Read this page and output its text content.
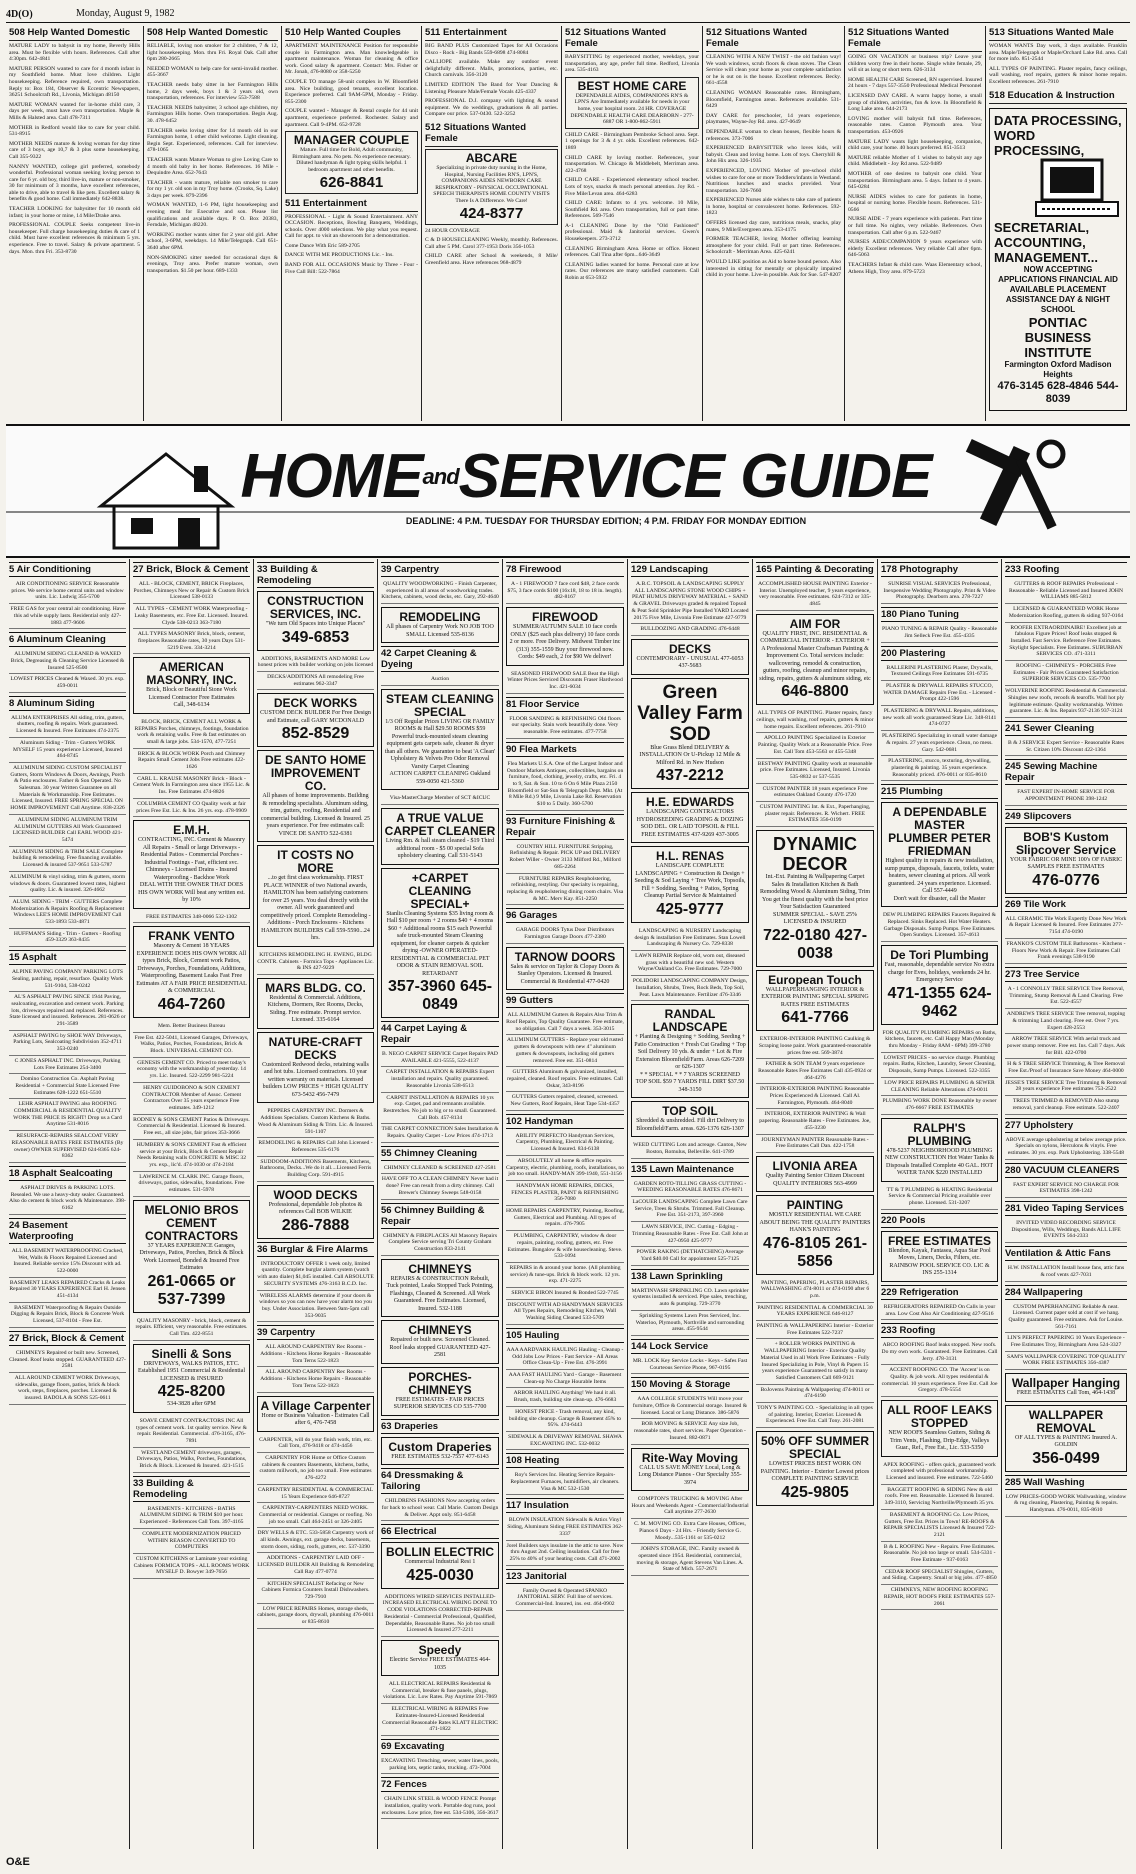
4D(O)	Monday, August 9, 1982
508 Help Wanted Domestic

MATURE LADY to babysit in my home, Beverly Hills area. Must be flexible with hours. References. Call after 4:30pm. 642-4841

MATURE PERSON wanted to care for 4 month infant in my Southfield home. Must love children. Light housekeeping. Reference required, own transportation. Reply to: Box 184, Observer & Eccentric Newspapers, 36251 Schoolcraft Rd., Livonia, Michigan 48150

MATURE WOMAN wanted for in-home child care, 3 days per week, must have own transportation. Maple & Mills & Halsted area. Call 478-7311

MOTHER in Redford would like to care for your child. 531-8915

MOTHER NEEDS mature & loving woman for day time care of 3 boys, age 10,7 & 3 plus some housekeeping. Call 355-9322

NANNY WANTED, college girl preferred, somebody wonderful. Professional woman seeking loving person to care for 6 yr. old boy, third live-in, mature or non-smoker, 30 for minimum of 3 months, have excellent references, able to drive, able to travel & like pets. Excellent salary & benefits & good home. Call immediately 642-8838.

TEACHER LOOKING for babysitter for 10 month old infant; in your home or mine, 14 Mile/Drake area.

PROFESSIONAL COUPLE Seeks competent live-in housekeeper. Full charge housekeeping duties & care of 1 child. Must have excellent references & minimum 5 yrs. experience. Free to travel. Salary & private apartment. 5 days. Mon. thru Fri. 353-8730

508 Help Wanted Domestic

RELIABLE, loving non smoker for 2 children, 7 & 12, light housekeeping. Mon. thru Fri. Royal Oak. Call after 6pm 280-2665

NEEDED WOMAN to help care for semi-invalid mother. 455-3667

TEACHER needs baby sitter in her Farmington Hills home, 2 days week, boys 1 & 3 years old, own transportation, references. For interview 553-7588

TEACHER NEEDS babysitter, 3 school age children, my Farmington Hills home. Own transportation. Begin Aug. 30. 478-6452

TEACHER seeks loving sitter for 14 month old in our Farmington home, 1 other child welcome. Light cleaning. Begin Sept. Experienced, references. Call for interview. 478-1065

TEACHER wants Mature Woman to give Loving Care to 4 month old baby in her home. References. 16 Mile - Dequindre Area. 652-7643

TEACHER - wants mature, reliable non smoker to care for my 1 yr. old son in my Troy home. (Crooks, Sq. Lake) 3 days per week. 879-2396

WOMAN WANTED, 1-6 PM, light housekeeping and evening meal for Executive and son. Please list qualifications and available days. P. O. Box 20383, Ferndale, Michigan 48220.

WORKING mother wants sitter for 2 year old girl. After school, 3-6PM, weekdays. 14 Mile/Telegraph. Call 651-3640 after 6PM.

NON-SMOKING sitter needed for occasional days & evenings, Troy area. Prefer mature woman, own transportation. $1.50 per hour. 689-1333

510 Help Wanted Couples

APARTMENT MAINTENANCE Position for responsible couple in Farmington area. Man knowledgeable in apartment maintenance. Woman for cleaning & office work. Good salary & apartment. Contact: Mrs. Fisher or Mr. Jonah, 476-8080 or 358-5250

COUPLE TO manage 58-unit complex in W. Bloomfield area. Nice building, good tenants, excellent location. Experience preferred. Call 9AM-5PM, Monday - Friday. 855-2300

COUPLE wanted - Manager & Rental couple for 44 unit apartment, experience preferred. Rochester. Salary and apartment. Call 9-4PM. 652-9728

MANAGER COUPLE
Mature. Full time for Bold, Adult community, Birmingham area. No pets. No experience necessary. Diluted handyman & light typing skills helpful. 1 bedroom apartment and other benefits.
626-8841
511 Entertainment

PROFESSIONAL - Light & Sound Entertainment. ANY OCCASION. Receptions, Bowling Banquets, Weddings, schools. Over 4000 selections. We play what you request. Call for appt. to visit an showroom for a demonstration.

Come Dance With Eric 589-2705

DANCE WITH ME PRODUCTIONS Lic. - Ins.

BAND FOR ALL OCCASIONS Music by Three - Four - Five Call Bill: 522-7864

511 Entertainment

BIG BAND PLUS Customized Tapes for All Occasions Disco - Rock - Big Bands 559-6898 474-8084

CALLIOPE available. Make any outdoor event delightfully different. Malls, promotions, parties, etc. Church carnivals. 356-3120

LIMITED EDITION The Band for Your Dancing & Listening Pleasure Male/Female Vocals 425-4337

PROFESSIONAL D.J. company with lighting & sound equipment. We do weddings, graduations & all parties. Compare our price. 537-0430. 522-3252

512 Situations Wanted Female
ABCARE
Specializing in private duty nursing in the Home, Hospital, Nursing Facilities RN'S, LPN'S, COMPANIONS AIDES NEWBORN CARE RESPIRATORY - PHYSICAL OCCUPATIONAL SPEECH THERAPISTS HOME COUNTY VISITS There Is A Difference. We Care!
424-8377

24 HOUR COVERAGE

C & D HOUSECLEANING Weekly, monthly. References. Call after 5 PM. Carol 377-1953 Doris 356-1053

CHILD CARE after School & weekends, 8 Mile/ Greenfield area. Have references 968-4879

512 Situations Wanted Female

BABYSITTING by experienced mother, weekdays, your transportation, any age, prefer full time. Redford, Livonia area. 535-4163

BEST HOME CARE
DEPENDABLE AIDES, COMPANIONS RN'S & LPN'S Are Immediately available for needs in your home, your hospital room. 24 HR. COVERAGE DEPENDABLE HEALTH CARE DEARBORN - 277-6887 OR 1-800-862-5911

CHILD CARE - Birmingham Pembroke School area. Sept. 1 openings for 3 & 4 yr. olds. Excellent references. 642-1869

CHILD CARE by loving mother. References, your transportation. W. Chicago & Middlebelt, Merriman area. 422-4768

CHILD CARE - Experienced elementary school teacher. Lots of toys, snacks & much personal attention. Joy Rd. - Five Mile/Levan area. 464-6283

CHILD CARE: Infants to 4 yrs. welcome. 10 Mile, Southfield Rd. area. Own transportation, full or part time. References. 569-7546

A-1 CLEANING Done by the "Old Fashioned" professional. Maid & Janitorial services. Gwen's Housekeepers. 273-3712

CLEANING Birmingham Area. Home or office. Honest references. Call Tina after 6pm...646-3649

CLEANING ladies wanted for home. Personal care at low rates. Our references are many satisfied customers. Call Robin at 653-5932

512 Situations Wanted Female

CLEANING WITH A NEW TWIST - the old fashion way! We wash windows, scrub floors & clean stoves. The Clean Service will clean your home as your complete satisfaction or he is out on is the house. Excellent references. Becky. 661-4558

CLEANING WOMAN Reasonable rates. Birmingham, Bloomfield, Farmington areas. References available. 531-6429

DAY CARE for preschooler, 14 years experience, playmates, Wayne-Joy Rd. area. 427-0649

DEPENDABLE woman to clean houses, flexible hours & references. 373-7006

EXPERIENCED BABYSITTER who loves kids, will babysit. Clean and loving home. Lots of toys. Cherryhill & John Hix area. 326-1935

EXPERIENCED, LOVING Mother of pre-school child wishes to care for one or more Toddlers/infants in Westland. Nutritious lunches and snacks provided. Your transportation. 326-7660

EXPERIENCED Nurses aide wishes to take care of patients in home, hospital or convalescent home. References. 592-1823

OFFERS licensed day care, nutritious meals, snacks, play mates, 9 Mile/Evergreen area. 353-4175

FORMER TEACHER, loving Mother offering learning atmosphere for your child. Full or part time. References. Schoolcraft - Merriman Area. 425-6241

WOULD LIKE position as Aid to home bound person. Also interested in sitting for mentally or physically impaired child in your home. Live-in possible. Ask for Sue. 547-8207

512 Situations Wanted Female

GOING ON VACATION or business trip? Leave your children worry free in their home. Single white female, 29, will sit as long or short term. 626-3134

HOME HEALTH CARE Screened, RN supervised. Insured 24 hours - 7 days 557-3550 Professional Medical Personnel

LICENSED DAY CARE. A warm happy home, a small group of children, activities, fun & love. In Bloomfield & Long Lake area. 644-2173

LOVING mother will babysit full time. References, reasonable rates. Canton Plymouth area. Your transportation. 453-0926

MATURE LADY wants light housekeeping, companion, child care, your home. 40 hours preferred. 851-3513

MATURE reliable Mother of 1 wishes to babysit any age child. Middlebelt - Joy Rd area. 522-9489

MOTHER of one desires to babysit one child. Your transportation. Birmingham area. 5 days. Infant to 4 years. 645-0284

NURSE AIDES wishes to care for patients in home, hospital or nursing home. Flexible hours. References. 531-0566

NURSE AIDE - 7 years experience with patients. Part time or full time. No nights, very reliable. References. Own transportation. Call after 6 p.m. 522-9467

NURSES AIDE/COMPANION 9 years experience with elderly Excellent references. Very reliable Call after 6pm. 646-5063

TEACHERS Infant & child care. Waas Elementary school, Athens High, Troy area. 879-5723

513 Situations Wanted Male

WOMAN WANTS Day work, 3 days available. Franklin area. Maple/Telegraph or Maple/Orchard Lake Rd. area. Call for more info. 851-2544

ALL TYPES OF PAINTING. Plaster repairs, fancy ceilings, wall washing, roof repairs, gutters & minor home repairs. Excellent references. 261-7910

518 Education & Instruction
DATA PROCESSING, WORD PROCESSING,
SECRETARIAL, ACCOUNTING, MANAGEMENT...
NOW ACCEPTING APPLICATIONS FINANCIAL AID AVAILABLE PLACEMENT ASSISTANCE DAY & NIGHT SCHOOL
PONTIAC BUSINESS INSTITUTE
Farmington Oxford Madison Heights
476-3145 628-4846 544-8039
$HOME^{and}SERVICE$ GUIDE
DEADLINE: 4 P.M. TUESDAY FOR THURSDAY EDITION; 4 P.M. FRIDAY FOR MONDAY EDITION
5 Air Conditioning

AIR CONDITIONING SERVICE Reasonable prices. We service home central units and window units. Lic. Ludwig 355-5700

FREE GAS for your central air conditioning. Have this ad while supply lasts. Residential only 427-1883 477-9606

6 Aluminum Cleaning

ALUMINUM SIDING CLEANED & WAXED Brick, Degreasing & Cleaning Service Licensed & Insured 525-8500

LOWEST PRICES Cleaned & Waxed. 30 yrs. exp. 459-0011

8 Aluminum Siding

ALUMA ENTERPRISES All siding, trim, gutters, shutters, roofing & repairs. Work guaranteed. Licensed & Insured. Free Estimates 474-2375

Aluminum Siding - Trim - Gutters WORK MYSELF 15 years experience Licensed, Insured 464-8745

ALUMINUM SIDING CUSTOM SPECIALIST Gutters, Storm Windows & Doors, Awnings, Porch & Patio enclosures. Father & Son Operated. No Salesman. 30 year Written Guarantee on all Materials & Workmanship. Free Estimates. Licensed, Insured. FREE SPRING SPECIAL ON HOME IMPROVEMENT Call Anytime. 838-2326

ALUMINUM SIDING ALUMINUM TRIM ALUMINUM GUTTERS All Work Guaranteed LICENSED BUILDER Call EARL WOOD 421-5474

ALUMINUM SIDING & TRIM SALE Complete building & remodeling. Free financing available. Licensed & insured 537-9651 533-5787

ALUMINUM & vinyl siding, trim & gutters, storm windows & doors. Guaranteed lowest rates, highest quality. Lic. & insured. 326-4662

ALUM. SIDING - TRIM - GUTTERS Complete Modernization & Repairs Roofing & Replacement Windows LEE'S HOME IMPROVEMENT Call 533-1893 533-4871

HUFFMAN'S Siding - Trim - Gutters - Roofing 459-3329 363-8435

15 Asphalt

ALPINE PAVING COMPANY PARKING LOTS Sealing, patching, repair, resurface. Quality Work 531-9104, 538-0242

AL'S ASPHALT PAVING SINCE 1944 Paving, sealcoating, excavation and cement work. Parking lots, driveways repaired and replaced. References. State licensed and insured. References. 281-0626 or 291-3589

ASPHALT PAVING by SHOE WAY Driveways, Parking Lots, Sealcoating Subdivision 352-4711 353-0240

C JONES ASPHALT INC. Driveways, Parking Lots Free Estimates 254-3400

Domino Construction Co. Asphalt Paving Residential + Commercial State Licensed Free Estimates 628-1222 651-5510

LEHR ASPHALT PAVING also ROOFING COMMERCIAL & RESIDENTIAL QUALITY WORK THE PRICE IS RIGHT! Drop us a Card Anytime 531-8016

RESURFACE-REPAIRS SEALCOAT VERY REASONABLE RATES FREE ESTIMATES (By owner) OWNER SUPERVISED 624-8365 624-8362

18 Asphalt Sealcoating

ASPHALT DRIVES & PARKING LOTS. Resealed. We use a heavy-duty sealer. Guaranteed. Also do cement & block work & Maintenance. 398-6162

24 Basement Waterproofing

ALL BASEMENT WATERPROOFING Cracked, Wet, Walls & Floors Repaired Licensed and Insured. Reliable service 15% Discount with ad. 522-0000

BASEMENT LEAKS REPAIRED Cracks & Leaks Repaired 30 YEARS EXPERIENCE Earl H. Jensen 451-4134

BASEMENT Waterproofing & Repairs Outside Digging & Repairs Brick, Block & Concrete Work Licensed, 537-8104 - Free Est.

27 Brick, Block & Cement

CHIMNEYS Repaired or built new. Screened, Cleaned. Roof leaks stopped. GUARANTEED 427-2581

ALL AROUND CEMENT WORK Driveways, sidewalks, garage floors, patios, brick & block work, steps, fireplaces, porches. Licensed & insured. BADOLA & SONS 525-0611

27 Brick, Block & Cement

ALL - BLOCK, CEMENT, BRICK Fireplaces, Porches, Chimneys New or Repair & Custom Brick Licensed 538-0133

ALL TYPES - CEMENT WORK Waterproofing - Leaky Basements, etc. Free Est. Licensed. Insured. Clyde 538-0213 363-7180

ALL TYPES MASONRY Brick, block, cement, fireplaces Reasonable rates, 30 years Days 531-5219 Even. 334-3214

AMERICAN MASONRY, INC.
Brick, Block or Beautiful Stone Work Licensed Contractor Free Estimates
Call, 348-6134

BLOCK, BRICK, CEMENT ALL WORK & REPAIRS Porches, chimneys, footings, foundation work & retaining walls. Free & fast estimates on small & large jobs. 534-1570, 477-7251

BRICK & BLOCK WORK Porch and Chimney Repairs Small Cement Jobs Free estimates 422-1626

CARL L. KRAUSE MASONRY Brick - Block - Cement Work In Farmington area since 1955 Lic. & Ins. Free Estimates 474-8826

COLUMBIA CEMENT CO Quality work at fair prices Free Est. Lic. & Ins. 26 yrs. exp. 478-9909

E.M.H.
CONTRACTING, INC. Cement & Masonry All Repairs - Small or large Driveways - Residential Patios - Commercial Porches - Industrial Footings - Fast, efficient svc. Chimneys - Licensed Drains - Insured Waterproofing - Backhoe Work
DEAL WITH THE OWNER THAT DOES HIS OWN WORK Will beat any written est. by 10%

FREE ESTIMATES 348-0066 532-1302

FRANK VENTO
Masonry & Cement 18 YEARS EXPERIENCE DOES HIS OWN WORK All types Brick, Block, Cement work Patios, Driveways, Porches, Foundations, Additions, Waterproofing, Basement Leaks Fast Free Estimates AT A FAIR PRICE RESIDENTIAL & COMMERCIAL
464-7260

Mem. Better Business Bureau

Free Est. 422-5041, Licensed Garages, Driveways, Walks, Patios, Porches, Foundations, Brick & Block. UNIVERSAL CEMENT CO.

GENESIS CEMENT CO. Priced to meet today's economy with the workmanship of yesterday. 14 yrs. Lic. Insured. 522-2299 981-5224

HENRY GUIDOBONO & SON CEMENT CONTRACTOR Member of Assoc. Cement Contractors Over 35 years experience Free estimates. 349-1212

RODNEY & SONS CEMENT Patios & Driveways. Commercial & Residential. Licensed & Insured. Free est., all size jobs, fair prices 353-3666

HUMBERY & SONS CEMENT Fast & efficient service at your Brick, Block & Cement Repair Needs Retaining walls CONCRETE & MISC 32 yrs. exp., lic'd. 474-1030 or 474-2184

LAWRENCE M. CLARK INC. Garage floors, driveways, patios, sidewalks, foundations. Free estimates. 531-5978

MELONIO BROS CEMENT CONTRACTORS
37 YEARS EXPERIENCE Garages, Driveways, Patios, Porches, Brick & Block Work Licensed, Bonded & Insured Free Estimates
261-0665 or 537-7399

QUALITY MASONRY - brick, block, cement & repairs. Efficient, very reasonable. Free estimates. Call Tim. 422-8551

Sinelli & Sons
DRIVEWAYS, WALKS PATIOS, ETC. Established 1951 Commercial & Residential LICENSED & INSURED
425-8200
534-3828 after 6PM

SOAVE CEMENT CONTRACTORS INC All types of cement work. 1st quality service. New & repair. Residential. Commercial. 476-3165, 476-7891

WESTLAND CEMENT driveways, garages, Driveways, Patios, Walks, Porches, Foundations, Brick & Block. Licensed & Insured. 421-1515

33 Building & Remodeling

BASEMENTS - KITCHENS - BATHS ALUMINUM SIDING & TRIM $10 per hour. Experienced - References Call Tom. 397-4165

COMPLETE MODERNIZATION PRICED WITHIN REASON CONVERTED TO COMPUTERS

CUSTOM KITCHENS or Laminate your existing Cabinets FORMICA TOPS - ALL ROOMS WORK MYSELF D. Bowyer 349-7656

33 Building & Remodeling
CONSTRUCTION SERVICES, INC.
"We turn Old Spaces into Unique Places"
349-6853

ADDITIONS, BASEMENTS AND MORE Low honest prices with builder working on jobs licensed

DECKS/ADDITIONS All remodeling Free estimates 962-3347

DECK WORKS
CUSTOM DECK BUILDER For Free Design and Estimate, call GARY MCDONALD
852-8529
DE SANTO HOME IMPROVEMENT CO.
All phases of home improvements. Building & remodeling specialists. Aluminum siding, trim, gutters, roofing, Residential and commercial building. Licensed & Insured. 25 years experience. For free estimates call: VINCE DE SANTO 522-6381
IT COSTS NO MORE
...to get first class workmanship. FIRST PLACE WINNER of two National awards, HAMILTON has been satisfying customers for over 25 years. You deal directly with the owner. All work guaranteed and competitively priced. Complete Remodeling - Additions - Porch Enclosures - Kitchens HAMILTON BUILDERS Call 559-5590...24 hrs.

KITCHENS REMODELING H. EWENG, BLDG CONTR. Cabinets - Formica Tops - Appliances Lic. & INS 427-9229

MARS BLDG. CO.
Residential & Commercial. Additions, Kitchens, Dormers, Rec Rooms, Decks, Siding. Free estimate. Prompt service. Licensed. 335-6164
NATURE-CRAFT DECKS
Customized Redwood decks, retaining walls and hot tubs. Licensed contractors. 10 year written warranty on materials. Licensed builders LOW PRICES + HIGH QUALITY 673-5432 456-7479

PEPPERS CARPENTRY INC. Dormers & Additions Specialists. Custom Kitchens & Baths. Wood & Aluminum Siding & Trim. Lic. & Insured. 591-1107

REMODELING & REPAIRS Call John Licensed - References 535-6176

SUDDOOM-ADDITIONS Basements, Kitchens, Bathrooms, Decks...We do it all....Licensed Ferris Building Corp. 591-4915

WOOD DECKS
Professional, dependable Job photos & references Call BOB WILKIE
286-7888
36 Burglar & Fire Alarms

INTRODUCTORY OFFER 1 week only, limited quantity. Complete burglar alarm system (watch with auto dialer) $1,045 installed. Call ABSOLUTE SECURITY SYSTEMS 476-3163 B.C.D. Inc.

WIRELESS ALARMS determine if your doors & windows so you can now have your alarm too you buy. Under Association. Between 9am-5pm call 353-9035

39 Carpentry

ALL AROUND CARPENTRY Rec Rooms - Additions - Kitchens Home Repairs - Reasonable Tom Terns 522-1823

ALL AROUND CARPENTRY Rec Rooms - Additions - Kitchens Home Repairs - Reasonable Tom Terns 522-1823

A Village Carpenter
Home or Business Valuation - Estimates Call after 6, 476-7458

CARPENTER, will do your finish work, trim, etc. Call Tom, 476-9418 or 474-4456

CARPENTRY FOR Home or Office Custom cabinets & counters Basements, kitchens, baths, custom millwork, no job too small. Free estimates 476-4272

CARPENTRY RESIDENTIAL & COMMERCIAL 15 Years Experience 646-8727

CARPENTRY-CARPENTERS NEED WORK. Commercial or residential. Garages or roofing. No job too small. Call 464-2451 or 326-2405

DRY WELLS & ETC. 533-5858 Carpentry work of all kinds. Awnings, ext. garage decks, basements, storm doors, siding, roofs, gutters, etc. 537-3390

ADDITIONS - CARPENTRY LAID OFF - LICENSED BUILDER All Building & Remodeling Call Ray 477-0774

KITCHEN SPECIALIST Refacing or New Cabinets Formica Counters Install Dishwashers. 729-7910

LOW PRICE REPAIRS Homes, storage sheds, cabinets, garage doors, drywall, plumbing 476-0011 or 835-8610

39 Carpentry

QUALITY WOODWORKING - Finish Carpenter, experienced in all areas of woodworking trades. Kitchens, cabinets, wood decks, etc. Gary, 292-4640

REMODELING
All phases of Carpentry Work NO JOB TOO SMALL Licensed 535-8136
42 Carpet Cleaning & Dyeing

Auction

STEAM CLEANING SPECIAL
1/3 Off Regular Prices LIVING OR FAMILY ROOMS & Hall $29.50 ROOMS $59 Powerful truck-mounted steam cleaning equipment gets carpets safe, cleaner & dryer than all others. We guarantee to beat 'A Clean' Upholstery & Velvets Pro Odor Removal Varsity Carpet Cleaning
ACTION CARPET CLEANING Oakland 559-0050 421-5360

Visa-MasterCharge Member of SCT &ICUC

A TRUE VALUE CARPET CLEANER
Living Rm. & hall steam cleaned - $19 Third additional room - $5 00 special Sofa upholstery cleaning. Call 531-5143
+CARPET CLEANING SPECIAL+
Stanlis Cleaning Systems $35 living room & Hall $10 per room + 2 rooms $40 + 4 rooms $60 + Additional rooms $15 each Powerful safe truck-mounted Steam Cleaning equipment, for cleaner carpets & quicker drying -OWNER OPERATED- RESIDENTIAL & COMMERCIAL PET ODOR & STAIN REMOVAL SOIL RETARDANT
357-3960 645-0849
44 Carpet Laying & Repair

B. NEGO CARPET SERVICE Carpet Repairs PAD AVAILABLE 421-5555, 522-4137

CARPET INSTALLATION & REPAIRS Expert installation and repairs. Quality guaranteed. Reasonable Livonia 538-6513

CARPET INSTALLATION & REPAIRS 10 yrs exp. Carpet, pad and remnants available. Restretches. No job to big or to small. Guaranteed. Call Bob. 457-8134

THE CARPET CONNECTION Sales Installation & Repairs. Quality Carpet - Low Prices 474-1713

55 Chimney Cleaning

CHIMNEY CLEANED & SCREENED 427-2581

HAVE OFF TO A CLEAN CHIMNEY Never had it done? Free can result from a dirty chimney. Call Brewer's Chimney Sweeps 548-0158

56 Chimney Building & Repair

CHIMNEY & FIREPLACES All Masonry Repairs Complete Service serving Tri County Graham Construction 833-2141

CHIMNEYS
REPAIRS & CONSTRUCTION Rebuilt, Tuck pointed, Leaks Stopped Tuck Pointing, Flashings, Cleaned & Screened. All Work Guaranteed. Free Estimates. Licensed, Insured. 532-1188
CHIMNEYS
Repaired or built new. Screened Cleaned. Roof leaks stopped GUARANTEED 427-2581
PORCHES-CHIMNEYS
FREE ESTIMATES - FAIR PRICES SUPERIOR SERVICES CO 535-7700
63 Draperies
Custom Draperies
FREE ESTIMATES 532-7557 477-6143
64 Dressmaking & Tailoring

CHILDRENS FASHIONS Now accepting orders for back to school wear. Call Marie. Custom Design & Deliver. Appt only. 851-6458

66 Electrical
BOLLIN ELECTRIC
Commercial Industrial Resi 1
425-0030

ADDITIONS WIRED SERVICES INSTALLED-INCREASED ELECTRICAL WIRING DONE TO CODE VIOLATIONS CORRECTED-REPAIR Residential - Commercial Professional, Qualified, Dependable, Reasonable Rates. No job too small Licensed & Insured 277-2211

Speedy
Electric Service FREE ESTIMATES 464-1035

ALL ELECTRICAL REPAIRS Residential & Commercial, breaker & fuse panels, plugs, violations. Lic. Low Rates. Pay Anytime 591-7869

ELECTRICAL WIRING & REPAIRS Free Estimates-Insured-Licensed Residential Commercial Reasonable Rates KLATT ELECTRIC 471-1822

69 Excavating

EXCAVATING Trenching, sewer, water lines, pools, parking lots, septic tanks, trucking. 473-7004

72 Fences

CHAIN LINK STEEL & WOOD FENCE Prompt installation, quality work. Portable dog runs, pool enclosures. Low price, free est. 534-5106, 356-3617

78 Firewood

A - 1 FIREWOOD 7 face cord $48, 2 face cords $75, 3 face cords $100 (16x18, 18 to 18 in. length). 482-8167

FIREWOOD
SUMMER/AUTUMN SALE 10 face cords ONLY ($25 each plus delivery) 10 face cords 2 or more. Free Delivery. Midwest Timber inc (313) 355-1559 Buy your firewood now. Cords: $49 each, 2 for $90 We deliver!

SEASONED FIREWOOD SALE Beat the High Winter Prices Serviced Discounts Fraser Hardwood Inc. 421-6034

81 Floor Service

FLOOR SANDING & REFINISHING Old floors our specialty. Stain work beautifully done. Very reasonable. Free estimates. 477-7758

90 Flea Markets

Flea Markets U.S.A. One of the Largest Indoor and Outdoor Markets Antiques, collectibles, bargains on furniture, food, clothing, jewelry, crafts, etc. Fri. 4 to 9, Sat. & Sun. 10 to 6 On 6 Mile Plaza 2150 Bloomfield or Sat-Sun & Telegraph Dept. Mkt. (At 8 Mile Rd.) 9 Mile, Livonia Lake Rd. Reservation $10 to 5 Daily. 360-5700

93 Furniture Finishing & Repair

COUNTRY HILL FURNITURE Stripping, Refinishing & Repair. PICK UP and DELIVERY Robert Willer - Owner 3133 Milford Rd., Milford 685-2264

FURNITURE REPAIRS Reupholstering, refinishing, restyling. Our specialty is repairing, replacing & reupholstering dining room chairs. Visa & MC. Merv Kay. 851-2250

96 Garages

GARAGE DOORS Tytus Door Distributors Farmington Garage Doors 477-2380

TARNOW DOORS
Sales & service on Taylor & Clopay Doors & Stanley Operators. Licensed & Insured. Commercial & Residential 477-0420
99 Gutters

ALL ALUMINUM Gutters & Repairs Also Trim & Roof Repairs, Top Quality Guarantee. Free estimate, no obligation. Call 7 days a week. 353-3015

ALUMINUM GUTTERS - Replace your old rusted gutters & downspouts with new 4" aluminum gutters & downspouts, including old gutters removed. Free est. 351-0814

GUTTERS Aluminum & galvanized, installed, repaired, cleaned. Roof repairs. Free estimates. Call Oskar, 343-8196

GUTTERS Gutters repaired, cleaned, screened. New Gutters, Roof Repairs, Heat Tape 534-4357

102 Handyman

ABILITY PERFECTO Handyman Services, Carpentry, Plumbing, Electrical & Painting. Licensed & Insured. 834-6138

ABSOLUTELY all home & office repairs. Carpentry, electric, plumbing, roofs, installations, no job too small. HANDY-MAN 399-1940, 551-3156

HANDYMAN HOME REPAIRS, DECKS, FENCES PLASTER, PAINT & REFINISHING 356-7080

HOME REPAIRS CARPENTRY, Painting, Roofing, Gutters, Electrical and Plumbing. All types of repairs. 476-7905

PLUMBING, CARPENTRY, window & door repairs, painting, roofing, gutters, etc. Free Estimates. Bungalow & wife housecleaning. Steve. 533-1094

REPAIRS in & around your home. (All plumbing service) & tune-ups. Brick & block work. 12 yrs. exp. 471-2275

SERVICE BIRON Insured & Bonded 522-7745

DISCOUNT WITH AD HANDYMAN SERVICES All Types Repairs, Remodeling Kitchen, Wall Washing Siding Cleaned 533-5709

105 Hauling

AAA AARDVARK HAULING Hauling - Cleanup - Odd Jobs Low Prices - Fast Service - All Areas Office Clean-Up - Free Est. 476-3991

AAA FAST HAULING Yard - Garage - Basement Clean-up No Charge Hourable Items

ARBOR HAULING Anything! We haul it all. Brush, trash, building site clean-up. 476-6683

HONEST PRICE - Trash removal, any kind, building site cleanup. Garage & Basement 45% to 95%. 474-6443

SIDEWALK & DRIVEWAY REMOVAL SHAWA EXCAVATING INC. 532-0032

108 Heating

Roy's Services Inc. Heating Service Repairs-Replacement Furnaces, humidifiers, air cleaners. Visa & MC 532-1530

117 Insulation

BLOWN INSULATION Sidewalls & Attics Vinyl Siding, Aluminum Siding FREE ESTIMATES 362-3337

Jorel Builders says insulate in the attic to save. Now thru August 2nd. Ceiling insulation. Call for free 25% to 40% of your heating costs. Call 471-2002

123 Janitorial

Family Owned & Operated SPANKO JANITORIAL SERV. Full line of services. Commercial-Ind. Insured, ins. est. 464-0902

129 Landscaping

A.B.C. TOPSOIL & LANDSCAPING SUPPLY ALL LANDSCAPING STONE WOOD CHIPS + PEAT HUMUS DRIVEWAY MATERIAL + SAND & GRAVEL Driveways graded & repaired Topsoil & Peat Sold Sprinkler Pipe Installed YARD Located 20175 Five Mile, Livonia Free Estimate 427-9779

BULLDOZING AND GRADING 476-6448

DECKS
CONTEMPORARY - UNUSUAL 477-6053 437-5683
Green Valley Farm SOD
Blue Grass Blend DELIVERY & INSTALLATION Or U-Pickup 12 Mile & Milford Rd. in New Hudson
437-2212
H.E. EDWARDS
LANDSCAPING CONTRACTORS HYDROSEEDING GRADING & DOZING SOD DEL. OR LAID TOPSOIL & FILL FREE ESTIMATES 437-9269 437-3005
H.L. RENAS
LANDSCAPE COMPLETE LANDSCAPING + Construction & Design + Seeding & Sod Laying + Tree Work, Topsoils, Fill + Sodding, Seeding + Patios, Spring Cleanup Partial Service & Maintained
425-9777

LANDSCAPING & NURSERY Landscaping design & installation Free Estimates. Stan Lowell Landscaping & Nursery Co. 729-8338

LAWN REPAIR Replace old, worn out, diseased grass with a beautiful new sod. Western Wayne/Oakland Co. Free Estimates. 729-7000

POLIDORI LANDSCAPING COMPANY Design, Installation, Shrubs, Trees, Rock Beds, Top Soil, Peat. Lawn Maintenance. Fertilizer 476-3346

RANDAL LANDSCAPE
+ Planting & Designing + Sodding, Seeding + Patio Construction + Fresh Cut Grading + Top Soil Delivery 10 yds. & under + Lot & Fire Extension Bloomfield/Farm. Areas 626-7209 or 626-1307
* * SPECIAL * * 7 YARDS SCREENED TOP SOIL $59 7 YARDS FILL DIRT $37.50 348-3150
TOP SOIL
Shredded & unshredded. Fill dirt Delivery to Bloomfield/Farm. areas. 626-1376 626-1307

WEED CUTTING Lots and acreage. Canton, New Boston, Romulus, Belleville. 641-1789

135 Lawn Maintenance

GARDEN ROTO-TILLING GRASS CUTTING - WEEDING REASONABLE RATES 476-8671

LaCOUER LANDSCAPING Complete Lawn Care Service, Trees & Shrubs. Trimmed. Fall Cleanup. Free Est. 351-2173, 397-3960

LAWN SERVICE, INC. Cutting - Edging - Trimming Reasonable Rates - Free Est. Call John at 427-0950 425-9777

POWER RAKING (DETHATCHING) Average Yard $40.00 Call for appointment 525-7125

138 Lawn Sprinkling

MARTINVASH SPRINKLING CO. Lawn sprinkler systems installed & serviced. Pipe sales, trenching, auto & pumping. 729-3770

Sprinkling Systems Lawn Pros Serviced, Inc. Waterloo, Plymouth, Northville and surrounding areas. 455-9544

144 Lock Service

MR. LOCK Key Service Locks - Keys - Safes Fast Courteous Service Phone, 967-0195

150 Moving & Storage

AAA COLLEGE STUDENTS Will move your furniture, Office & Commercial storage. Insured & licensed. Local or Long Distance. 386-5876

BOB MOVING & SERVICE Any size Job, reasonable rates, short services. Paper Operation - Insured. 882-0871

Rite-Way Moving
CALL US SAVE MONEY Local, Long & Long Distance Pianos - Our Specialty 355-3974

COMPTON'S TRUCKING & MOVING After Hours and Weekends Agent - Commercial/Industrial Call anytime 277-2630

C. M. MOVING CO. Extra Care Houses, Offices, Pianos 6 Days - 24 Hrs. - Friendly Service G. Moody...535-1161 or 535-0212

JOHN'S STORAGE, INC. Family owned & operated since 1954. Residential, commercial, moving & storage, Agent Stevens Van Lines. A. State of Mich. 557-2671

165 Painting & Decorating

ACCOMPLISHED HOUSE PAINTING Exterior - Interior. Unemployed teacher, 9 years experience, very reasonable. Free estimates. 624-7312 or 335-4845

AIM FOR
QUALITY FIRST, INC. RESIDENTIAL & COMMERCIAL INTERIOR - EXTERIOR + A Professional Master Craftsman Painting & Improvement Co. Total services include: wallcovering, remodel & construction, gutters, roofing, cleanup and minor repairs, siding, repairs, gutters & aluminum siding, etc
646-8800

ALL TYPES OF PAINTING. Plaster repairs, fancy ceilings, wall washing, roof repairs, gutters & minor home repairs. Excellent references. 261-7910

APOLLO PAINTING Specialized in Exterior Painting. Quality Work at a Reasonable Price. Free Est. Call Tom 453-5563 or 455-5348

BESTWAY PAINTING Quality work at reasonable price. Free Estimates. Licensed, Insured. Livonia 535-8832 or 537-5535

CUSTOM PAINTER 18 years experience Free estimates Oakland County 476-1720

CUSTOM PAINTING Int. & Ext., Paperhanging, plaster repair. References. R. Wichert. FREE ESTIMATES 356-0199

DYNAMIC DECOR
Int.-Ext. Painting & Wallpapering Carpet Sales & Installation Kitchen & Bath Remodeling Wood & Aluminum Siding, Trim You get the finest quality with the best price Your Satisfaction Guaranteed
SUMMER SPECIAL - SAVE 25%
LICENSED & INSURED
722-0180 427-0038
European Touch
WALLPAPERHANGING INTERIOR & EXTERIOR PAINTING SPECIAL SPRING RATES FREE ESTIMATES
641-7766

EXTERIOR-INTERIOR PAINTING Caulking & Scraping loose paint. Work guaranteed-reasonable prices free est. 569-3874

FATHER & SON TEAM 9 years experience Reasonable Rates Free Estimates Call 435-0924 or 464-4276

INTERIOR-EXTERIOR PAINTING Reasonable Prices Experienced & Licensed. Call Al. Farmington, Plymouth. 464-8040

INTERIOR, EXTERIOR PAINTING & Wall papering. Reasonable Rates - Free Estimates. Joe, 455-3230

JOURNEYMAN PAINTER Reasonable Rates - Free Estimates Call Dan. 422-1758

LIVONIA AREA
Quality Painting Senior Citizen Discount QUALITY INTERIORS 563-4999
PAINTING
MOSTLY RESIDENTIAL WE CARE ABOUT BEING THE QUALITY PAINTERS HANK'S PAINTING
476-8105 261-5856

PAINTING, PAPERING, PLASTER REPAIRS, WALLWASHING 474-8011 or 474-0190 after 6 p.m.

PAINTING RESIDENTIAL & COMMERCIAL 30 YEARS EXPERIENCE 646-8127

PAINTING & WALLPAPERING Interior - Exterior Free Estimates 522-7237

+ ROLLER WORKS PAINTING & WALLPAPERING Interior - Exterior Quality Material Used in all Work Free Estimates - Fully Insured Specializing in Pole, Vinyl & Papers 15 years experience Guaranteed to satisfy in many Satisfied Customers Call 669-9121

BoJovems Painting & Wallpapering 474-8011 or 474-6190

TONY'S PAINTING CO. - Specializing in all types of painting. Interior, Exterior. Licensed & Experienced. Free Est. Call Tony. 261-2081

50% OFF SUMMER SPECIAL
LOWEST PRICES BEST WORK ON PAINTING. Interior - Exterior Lowest prices COMPLETE PAINTING SERVICE
425-9805
178 Photography

SUNRISE VISUAL SERVICES Professional, Inexpensive Wedding Photography. Print & Video Photography. Dearborn area. 278-7227

180 Piano Tuning

PIANO TUNING & REPAIR Quality - Reasonable Jim Selleck Free Est. 455-4335

200 Plastering

BALLERINI PLASTERING Plaster, Drywalls, Textured Ceilings Free Estimates 591-6735

PLASTER & DRYWALL REPAIRS STUCCO, WATER DAMAGE Repairs Free Est. - Licensed - Prompt 422-1596

PLASTERING & DRYWALL Repairs, additions, new work all work guaranteed State Lic. 348-8141 474-0727

PLASTERING Specializing in small water damage & repairs. 27 years experience. Clean, no mess. Gary. 542-0681

PLASTERING, stucco, texturing, drywalling, plastering & painting. 35 years experience. Reasonably priced. 476-0011 or 835-8610

215 Plumbing
A DEPENDABLE MASTER PLUMBER PETER FRIEDMAN
Highest quality in repairs & new installation, sump pumps, disposals, faucets, toilets, water heaters, sewer cleaning at prices. All work guaranteed. 24 years experience. Licensed. Call 557-4449
Don't wait for disaster, call the Master

DEW PLUMBING REPAIRS Faucets Repaired & Replaced. Sinks Replaced. Hot Water Heaters. Garbage Disposals. Sump Pumps. Free Estimates. Open Sundays. Licensed. 357-4613

De Tori Plumbing
Fast, reasonable, dependable service No extra charge for Eves, holidays, weekends 24 hr. Emergency Service
471-1355 624-9462

FOR QUALITY PLUMBING REPAIRS on Baths, kitchens, faucets, etc. Call Happy Man (Monday thru Monday - Friday 8AM - 6PM) 399-3780

LOWEST PRICES - no service charge. Plumbing repairs. Baths, Kitchen, Laundry, Sewer Cleaning, Disposals, Sump Pumps. Licensed. 522-3355

LOW PRICE REPAIRS PLUMBING & SEWER CLEANING Reliable Alterations 474-0011

PLUMBING WORK DONE Reasonable by owner 476-6667 FREE ESTIMATES

RALPH'S PLUMBING
478-5237 NEIGHBORHOOD PLUMBING NEW CONSTRUCTION Hot Water Tanks & Disposals Installed Complete 40 GAL. HOT WATER TANK $220 INSTALLED

TT & T PLUMBING & HEATING Residential Service & Commercial Pricing available over phone. Licensed. 531-3207

220 Pools
FREE ESTIMATES
Blendon, Kayak, Fantasea, Aqua Star Pool Moves, Liners, Decks, Filters, etc. RAINBOW POOL SERVICE CO. LIC & INS 255-1314
229 Refrigeration

REFRIGERATORS REPAIRED On Calls in your area. Low Cost Also Air Conditioning 427-9516

233 Roofing

ABCO ROOFING Roof leaks stopped. New roofs. Do my own work. Guaranteed. Free Estimates. Call Jerry. 478-3131

ACCENT ROOFING CO. The 'Accent' is on Quality. & job work. All types residential & commercial. 10 years experience. Free Est. Call Joe Gregory. 478-5554

ALL ROOF LEAKS STOPPED
NEW ROOFS Seamless Gutters, Siding & Trim Vents, Flashing, Drip-Edge, Valleys Guar., Ref., Free Est., Lic. 533-5350

APEX ROOFING - offers quick, guaranteed work completed with professional workmanship. Licensed and insured. Free estimates. 722-5460

BAGGETT ROOFING & SIDING New & old roofs. Free est. Reasonable. Licensed & Insured. 349-3110, Servicing Northville/Plymouth 35 yrs.

BASEMENT & ROOFING Co. Low Prices, Gutters, Free Est. Prices in Town! RE-ROOFS & REPAIR SPECIALISTS Licensed & Insured 722-2121

B & L ROOFING New - Repairs. Free Estimates. Reasonable. No job too large or small. 534-5331 - Free Estimate - 937-0163

CEDAR ROOF SPECIALIST Shingles, Gutters, and Siding. Carpentry. Small or big jobs. 477-4850

CHIMNEYS, NEW ROOFING ROOFING REPAIR, HOT ROOFS FREE ESTIMATES 557-2061

233 Roofing

GUTTERS & ROOF REPAIRS Professional - Reasonable - Reliable Licensed and Insured JOHN WILLIAMS 885-5812

LICENSED & GUARANTEED WORK Home Modernization Roofing, gutters & siding 937-0164

ROOFER EXTRAORDINAIRE! Excellent job at fabulous Figure Prices! Roof leaks stopped & Installed. Fast Service. Reference Free Estimates. Skylight Specialists. Free Estimates. SUBURBAN SERVICES CO. 471-3311

ROOFING - CHIMNEYS - PORCHES Free Estimates - Fair Prices Guaranteed Satisfaction SUPERIOR SERVICES CO. 535-7700

WOLVERINE ROOFING Residential & Commercial. Shingles new roofs, reroofs & tearoffs. Wall hot ply legitimate estimate. Quality workmanship. Written guarantee. Lic. & Ins. Repairs 937-2136 937-3124

241 Sewer Cleaning

B & J SERVICE Expert Service - Reasonable Rates Sr. Citizen 10% Discount 422-1364

245 Sewing Machine Repair

FAST EXPERT IN-HOME SERVICE FOR APPOINTMENT PHONE 398-1242

249 Slipcovers
BOB'S Kustom Slipcover Service
YOUR FABRIC OR MINE 100's OF FABRIC SAMPLES FREE ESTIMATES
476-0776
269 Tile Work

ALL CERAMIC Tile Work Expertly Done New Work & Repair Licensed & Insured. Free Estimates 277-7154 474-0190

FRANKO'S CUSTOM TILE Bathrooms - Kitchens - Floors New Work & Repair. Free Estimates Call Frank evenings 538-9190

273 Tree Service

A - 1 CONNOLLY TREE SERVICE Tree Removal, Trimming, Stump Removal & Land Clearing. Free Est. 522-4557

ANDREWS TREE SERVICE Tree removal, topping & trimming Land clearing. Free est. Over 7 yrs. Expert 428-2553

ARROW TREE SERVICE With aerial truck and power stump remover. Free est. Ins. Call 7 days. Ask for Bill. 422-0700

H & S TREE SERVICE Trimming, & Tree Removal Free Est./Proof of Insurance Save Money 464-0000

JESSE'S TREE SERVICE Tree Trimming & Removal 28 years experience Free estimates 753-2522

TREES TRIMMED & REMOVED Also stump removal, yard cleanup. Free estimate. 522-2407

277 Upholstery

ABOVE average upholstering at below average price. Specials on nylons, Herculons & vinyls. Free estimates. 30 yrs. exp. Park Upholstering. 338-5548

280 VACUUM CLEANERS

FAST EXPERT SERVICE NO CHARGE FOR ESTIMATES 398-1242

281 Video Taping Services

INVITED VIDEO RECORDING SERVICE Dispositions, Wills, Weddings, Bands ALL LIFE EVENTS 564-2333

Ventilation & Attic Fans

H.W. INSTALLATION Install house fans, attic fans & roof vents 427-7031

284 Wallpapering

CUSTOM PAPERHANGING Reliable & neat. Licensed. Current paper sold at cost if we hang. Quality guaranteed. Free estimates. Ask for Louise. 561-7161

LIN'S PERFECT PAPERING 10 Years Experience - Free Estimates Troy, Birmingham Area 524-3327

SAM'S WALLPAPER COVERING TOP QUALITY WORK FREE ESTIMATES 356-4387

Wallpaper Hanging
FREE ESTIMATES Call Tom, 464-1438
WALLPAPER REMOVAL
OF ALL TYPES & PAINTING Insured A. GOLDIN
356-0499
285 Wall Washing

LOW PRICES-GOOD WORK Wallwashing, window & rug cleaning, Plastering, Painting & repairs. Handyman. 476-0011, 835-8610

O&E
